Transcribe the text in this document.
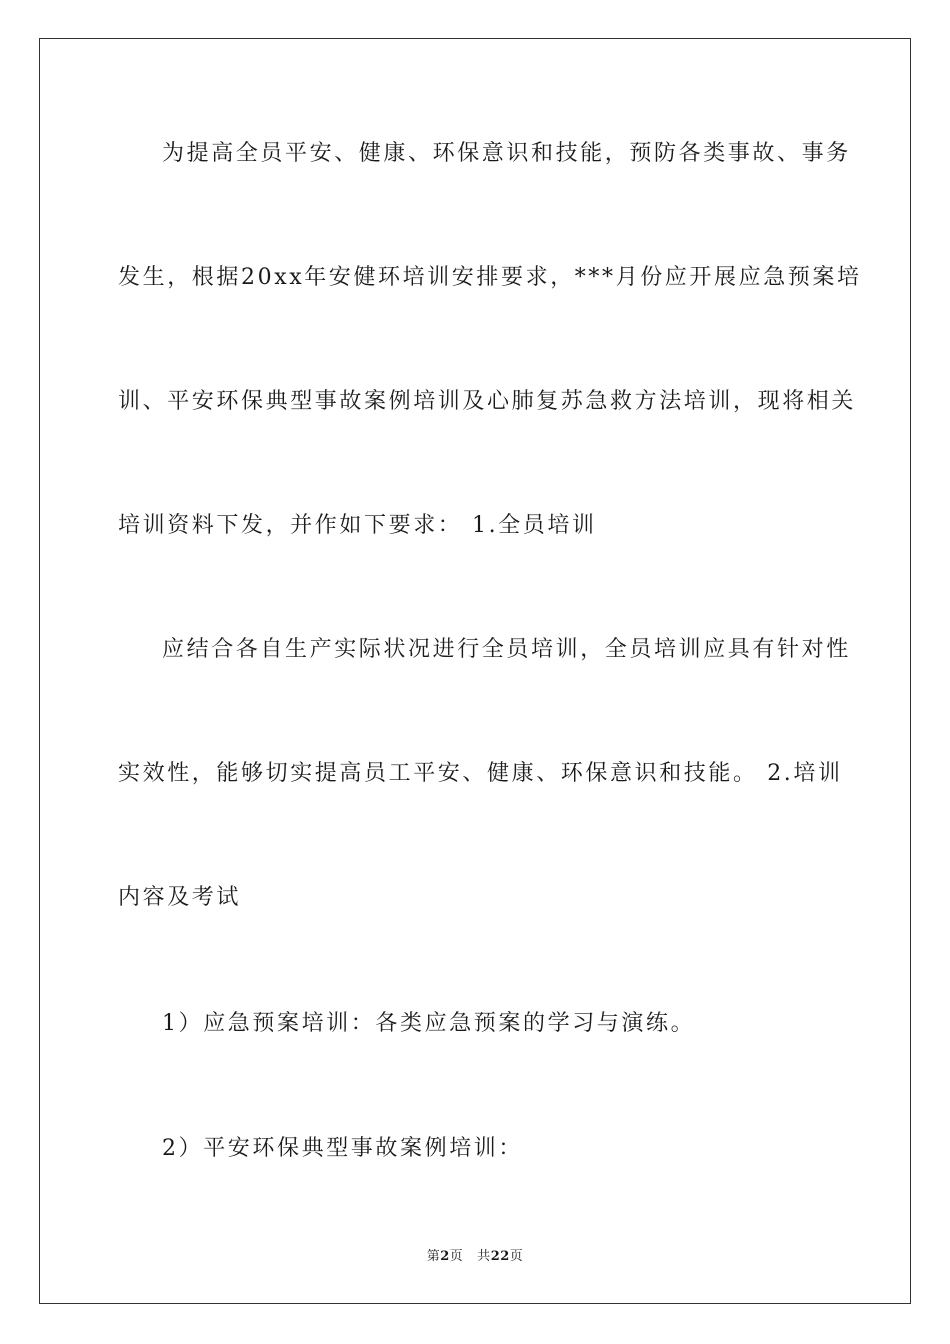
为提高全员平安、健康、环保意识和技能，预防各类事故、事务
发生，根据20xx年安健环培训安排要求，***月份应开展应急预案培
训、平安环保典型事故案例培训及心肺复苏急救方法培训，现将相关
培训资料下发，并作如下要求： 1.全员培训
应结合各自生产实际状况进行全员培训，全员培训应具有针对性
实效性，能够切实提高员工平安、健康、环保意识和技能。 2.培训
内容及考试
1）应急预案培训：各类应急预案的学习与演练。
2）平安环保典型事故案例培训：
第2页 共22页
